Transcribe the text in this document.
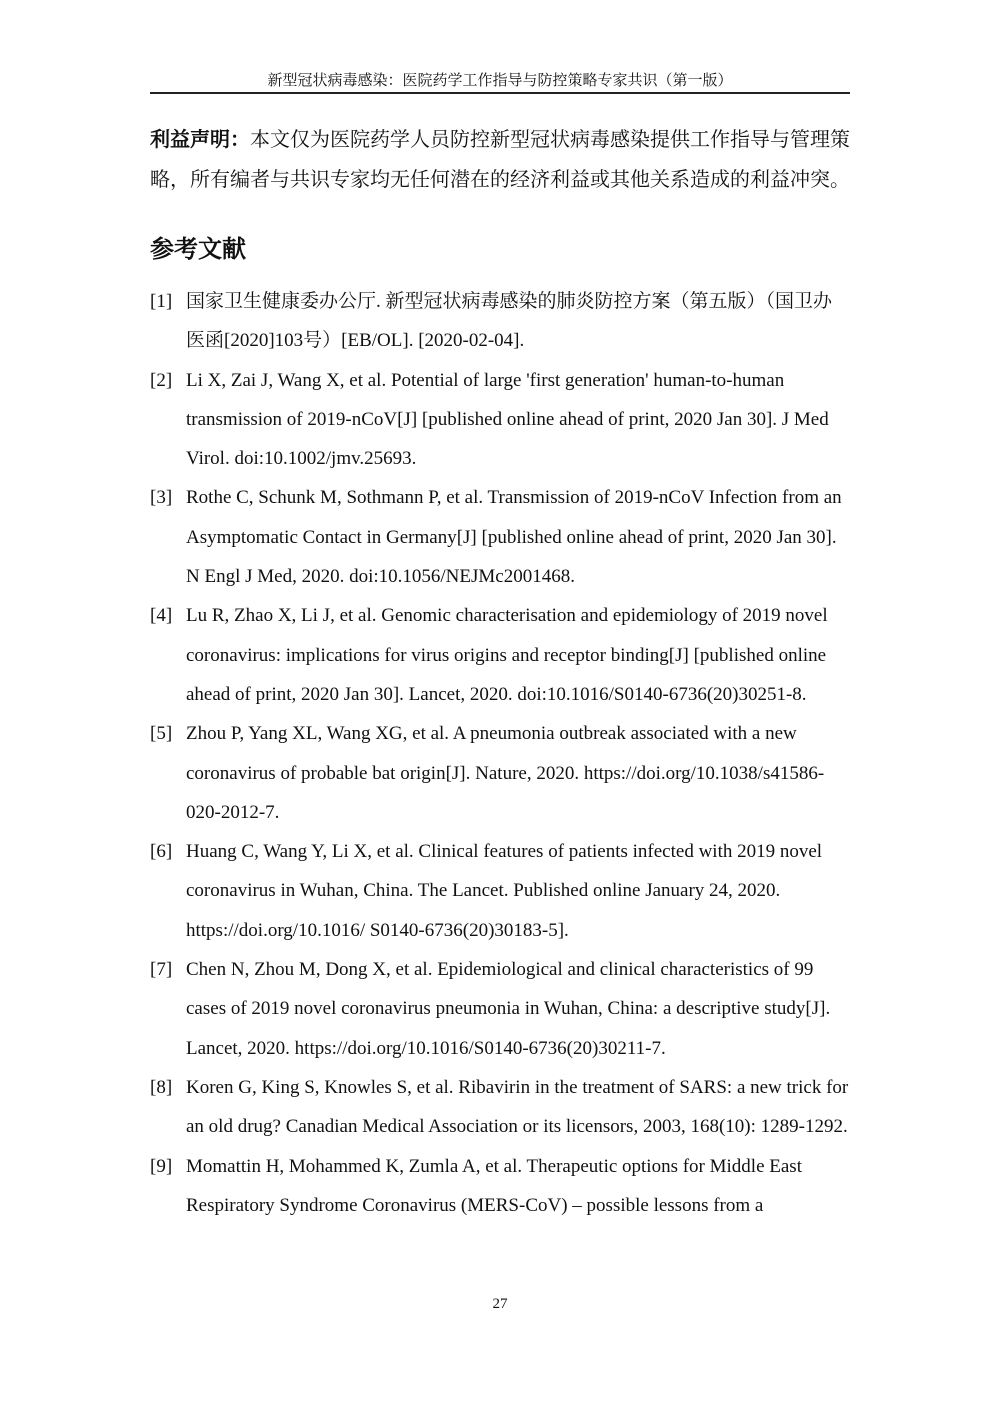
新型冠状病毒感染：医院药学工作指导与防控策略专家共识（第一版）

利益声明：本文仅为医院药学人员防控新型冠状病毒感染提供工作指导与管理策略，所有编者与共识专家均无任何潜在的经济利益或其他关系造成的利益冲突。

参考文献
[1] 国家卫生健康委办公厅. 新型冠状病毒感染的肺炎防控方案（第五版）（国卫办医函[2020]103号）[EB/OL]. [2020-02-04].
[2] Li X, Zai J, Wang X, et al. Potential of large 'first generation' human-to-human transmission of 2019-nCoV[J] [published online ahead of print, 2020 Jan 30]. J Med Virol. doi:10.1002/jmv.25693.
[3] Rothe C, Schunk M, Sothmann P, et al. Transmission of 2019-nCoV Infection from an Asymptomatic Contact in Germany[J] [published online ahead of print, 2020 Jan 30]. N Engl J Med, 2020. doi:10.1056/NEJMc2001468.
[4] Lu R, Zhao X, Li J, et al. Genomic characterisation and epidemiology of 2019 novel coronavirus: implications for virus origins and receptor binding[J] [published online ahead of print, 2020 Jan 30]. Lancet, 2020. doi:10.1016/S0140-6736(20)30251-8.
[5] Zhou P, Yang XL, Wang XG, et al. A pneumonia outbreak associated with a new coronavirus of probable bat origin[J]. Nature, 2020. https://doi.org/10.1038/s41586-020-2012-7.
[6] Huang C, Wang Y, Li X, et al. Clinical features of patients infected with 2019 novel coronavirus in Wuhan, China. The Lancet. Published online January 24, 2020. https://doi.org/10.1016/ S0140-6736(20)30183-5].
[7] Chen N, Zhou M, Dong X, et al. Epidemiological and clinical characteristics of 99 cases of 2019 novel coronavirus pneumonia in Wuhan, China: a descriptive study[J]. Lancet, 2020. https://doi.org/10.1016/S0140-6736(20)30211-7.
[8] Koren G, King S, Knowles S, et al. Ribavirin in the treatment of SARS: a new trick for an old drug? Canadian Medical Association or its licensors, 2003, 168(10): 1289-1292.
[9] Momattin H, Mohammed K, Zumla A, et al. Therapeutic options for Middle East Respiratory Syndrome Coronavirus (MERS-CoV) – possible lessons from a
27
